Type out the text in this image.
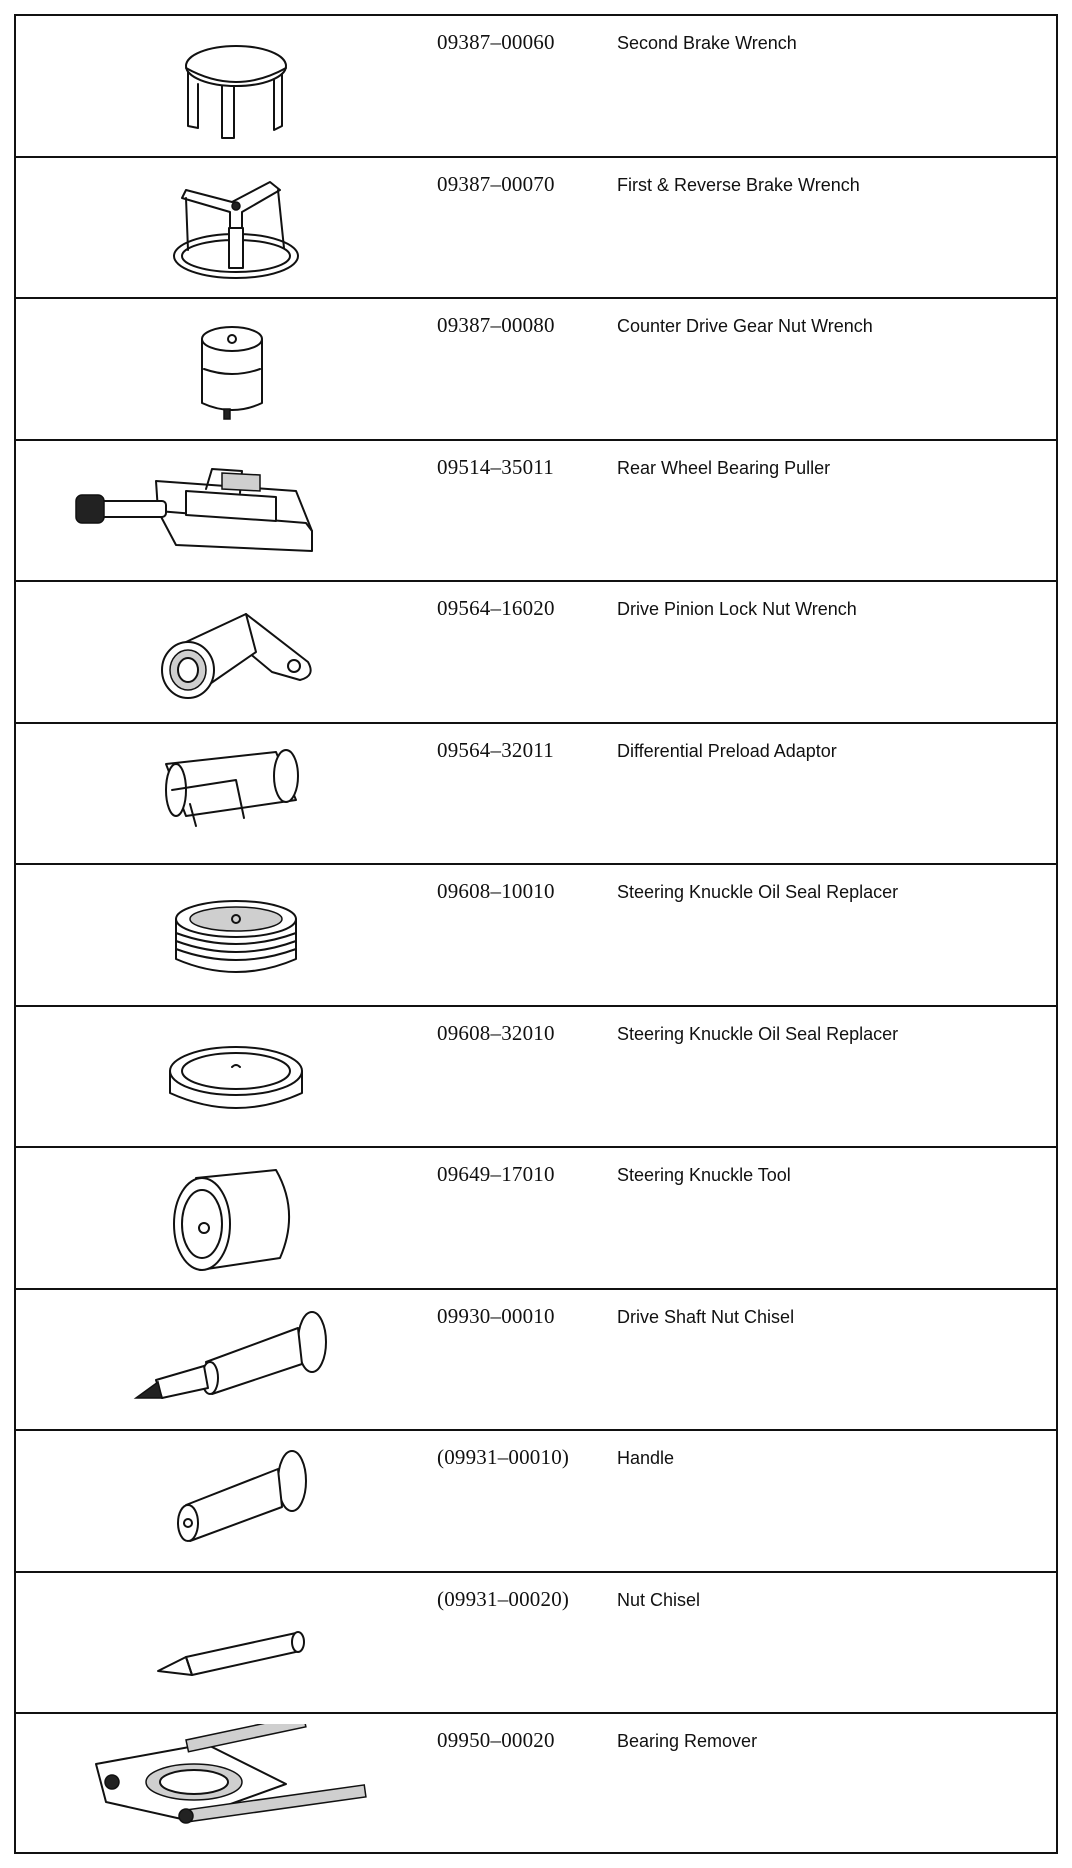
09387–00060	Second Brake Wrench
09387–00070	First & Reverse Brake Wrench
09387–00080	Counter Drive Gear Nut Wrench
09514–35011	Rear Wheel Bearing Puller
09564–16020	Drive Pinion Lock Nut Wrench
09564–32011	Differential Preload Adaptor
09608–10010	Steering Knuckle Oil Seal Replacer
09608–32010	Steering Knuckle Oil Seal Replacer
09649–17010	Steering Knuckle Tool
09930–00010	Drive Shaft Nut Chisel
(09931–00010)	Handle
(09931–00020)	Nut Chisel
09950–00020	Bearing Remover
